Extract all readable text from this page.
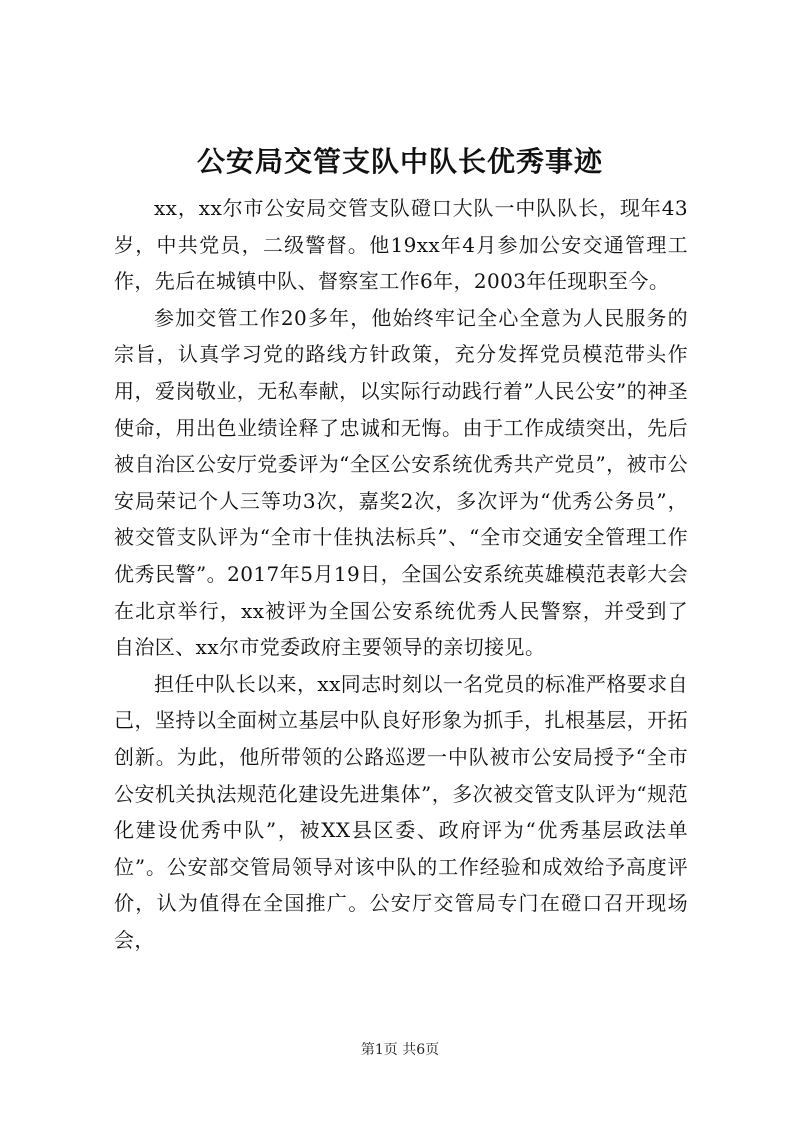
公安局交管支队中队长优秀事迹

xx，xx尔市公安局交管支队磴口大队一中队队长，现年43岁，中共党员，二级警督。他19xx年4月参加公安交通管理工作，先后在城镇中队、督察室工作6年，2003年任现职至今。

参加交管工作20多年，他始终牢记全心全意为人民服务的宗旨，认真学习党的路线方针政策，充分发挥党员模范带头作用，爱岗敬业，无私奉献，以实际行动践行着”人民公安”的神圣使命，用出色业绩诠释了忠诚和无悔。由于工作成绩突出，先后被自治区公安厅党委评为“全区公安系统优秀共产党员”，被市公安局荣记个人三等功3次，嘉奖2次，多次评为“优秀公务员”，被交管支队评为“全市十佳执法标兵”、“全市交通安全管理工作优秀民警”。2017年5月19日，全国公安系统英雄模范表彰大会在北京举行，xx被评为全国公安系统优秀人民警察，并受到了自治区、xx尔市党委政府主要领导的亲切接见。

担任中队长以来，xx同志时刻以一名党员的标准严格要求自己，坚持以全面树立基层中队良好形象为抓手，扎根基层，开拓创新。为此，他所带领的公路巡逻一中队被市公安局授予“全市公安机关执法规范化建设先进集体”，多次被交管支队评为“规范化建设优秀中队”，被XX县区委、政府评为“优秀基层政法单位”。公安部交管局领导对该中队的工作经验和成效给予高度评价，认为值得在全国推广。公安厅交管局专门在磴口召开现场会，

第1页 共6页
